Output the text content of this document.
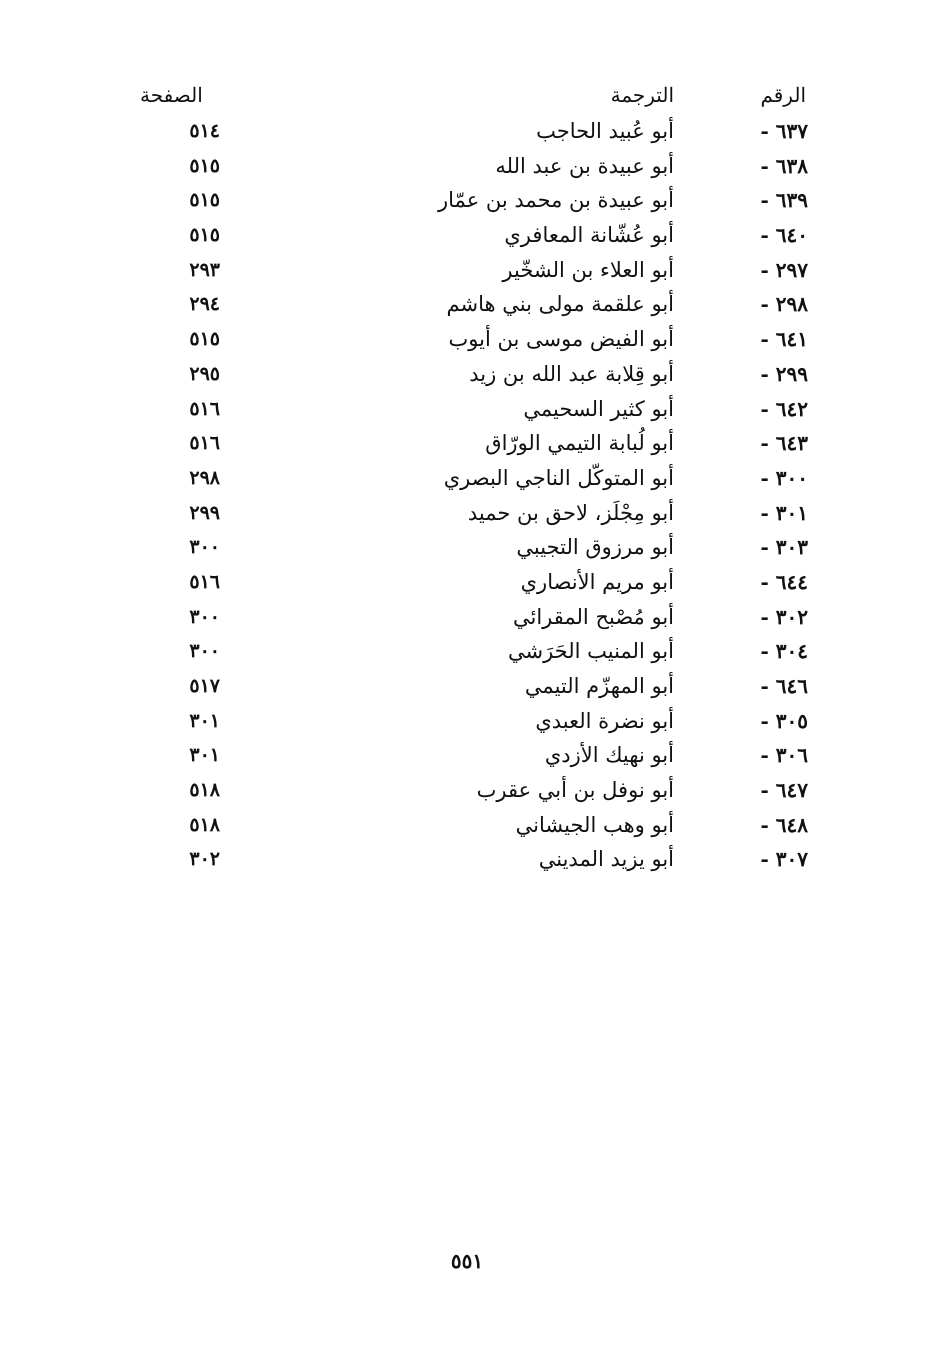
الرقم
الترجمة
الصفحة
٦٣٧ -
أبو عُبيد الحاجب
٥١٤
٦٣٨ -
أبو عبيدة بن عبد الله
٥١٥
٦٣٩ -
أبو عبيدة بن محمد بن عمّار
٥١٥
٦٤٠ -
أبو عُشّانة المعافري
٥١٥
٢٩٧ -
أبو العلاء بن الشخّير
٢٩٣
٢٩٨ -
أبو علقمة مولى بني هاشم
٢٩٤
٦٤١ -
أبو الفيض موسى بن أيوب
٥١٥
٢٩٩ -
أبو قِلابة عبد الله بن زيد
٢٩٥
٦٤٢ -
أبو كثير السحيمي
٥١٦
٦٤٣ -
أبو لُبابة التيمي الورّاق
٥١٦
٣٠٠ -
أبو المتوكّل الناجي البصري
٢٩٨
٣٠١ -
أبو مِجْلَز، لاحق بن حميد
٢٩٩
٣٠٣ -
أبو مرزوق التجيبي
٣٠٠
٦٤٤ -
أبو مريم الأنصاري
٥١٦
٣٠٢ -
أبو مُصْبح المقرائي
٣٠٠
٣٠٤ -
أبو المنيب الحَرَشي
٣٠٠
٦٤٦ -
أبو المهزّم التيمي
٥١٧
٣٠٥ -
أبو نضرة العبدي
٣٠١
٣٠٦ -
أبو نهيك الأزدي
٣٠١
٦٤٧ -
أبو نوفل بن أبي عقرب
٥١٨
٦٤٨ -
أبو وهب الجيشاني
٥١٨
٣٠٧ -
أبو يزيد المديني
٣٠٢
٥٥١
